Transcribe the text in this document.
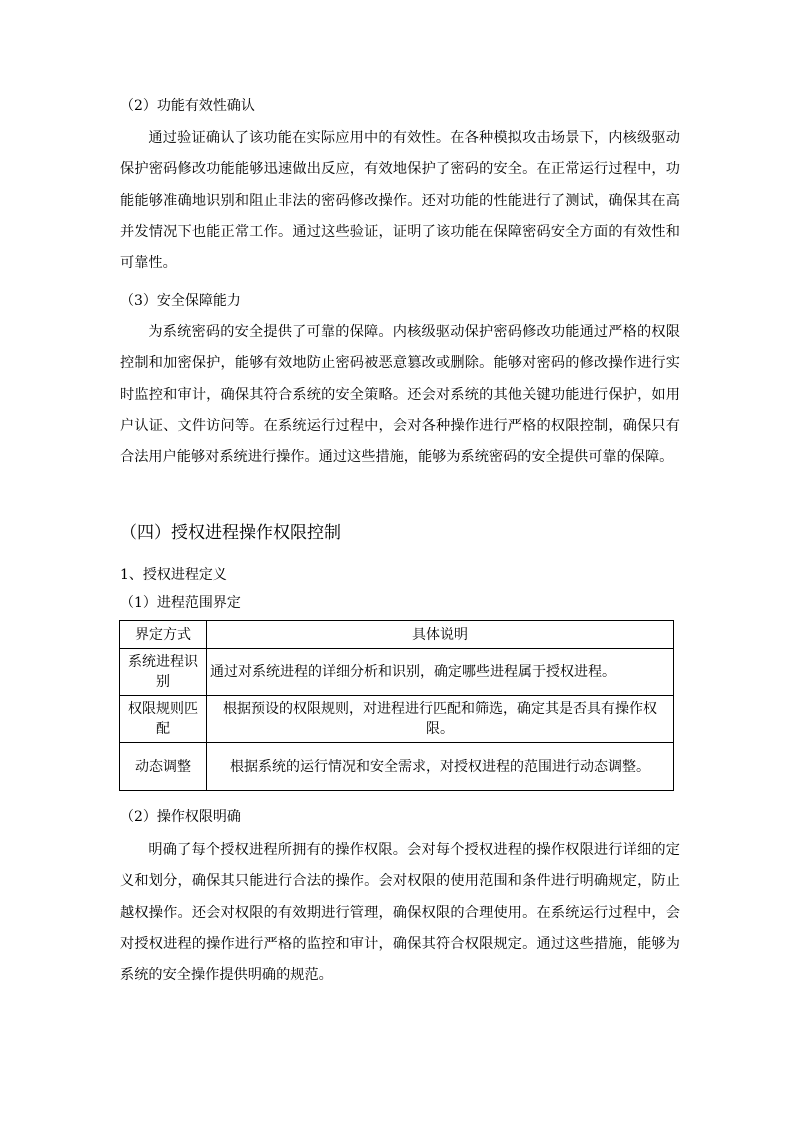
（2）功能有效性确认

通过验证确认了该功能在实际应用中的有效性。在各种模拟攻击场景下，内核级驱动保护密码修改功能能够迅速做出反应，有效地保护了密码的安全。在正常运行过程中，功能能够准确地识别和阻止非法的密码修改操作。还对功能的性能进行了测试，确保其在高并发情况下也能正常工作。通过这些验证，证明了该功能在保障密码安全方面的有效性和可靠性。

（3）安全保障能力

为系统密码的安全提供了可靠的保障。内核级驱动保护密码修改功能通过严格的权限控制和加密保护，能够有效地防止密码被恶意篡改或删除。能够对密码的修改操作进行实时监控和审计，确保其符合系统的安全策略。还会对系统的其他关键功能进行保护，如用户认证、文件访问等。在系统运行过程中，会对各种操作进行严格的权限控制，确保只有合法用户能够对系统进行操作。通过这些措施，能够为系统密码的安全提供可靠的保障。

（四）授权进程操作权限控制

1、授权进程定义

（1）进程范围界定

界定方式	具体说明
系统进程识别	通过对系统进程的详细分析和识别，确定哪些进程属于授权进程。
权限规则匹配	根据预设的权限规则，对进程进行匹配和筛选，确定其是否具有操作权限。
动态调整	根据系统的运行情况和安全需求，对授权进程的范围进行动态调整。

（2）操作权限明确

明确了每个授权进程所拥有的操作权限。会对每个授权进程的操作权限进行详细的定义和划分，确保其只能进行合法的操作。会对权限的使用范围和条件进行明确规定，防止越权操作。还会对权限的有效期进行管理，确保权限的合理使用。在系统运行过程中，会对授权进程的操作进行严格的监控和审计，确保其符合权限规定。通过这些措施，能够为系统的安全操作提供明确的规范。
